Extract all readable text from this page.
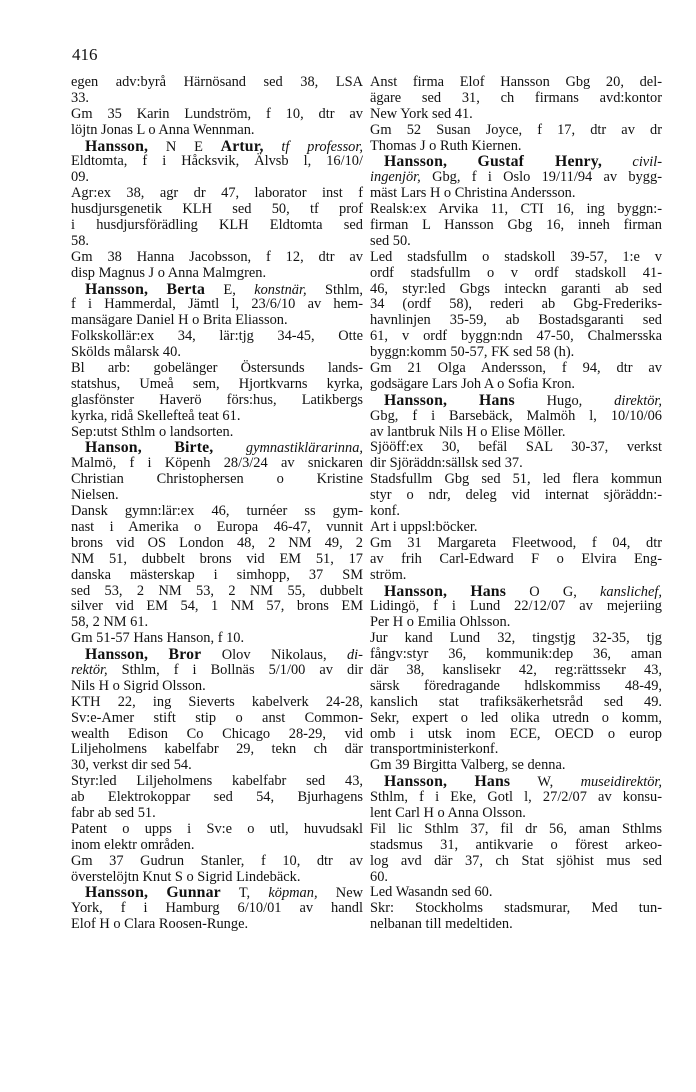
416
egen adv:byrå Härnösand sed 38, LSA
33.
Gm 35 Karin Lundström, f 10, dtr av
löjtn Jonas L o Anna Wennman.
Hansson, N E Artur, tf professor,
Eldtomta, f i Håcksvik, Älvsb l, 16/10/
09.
Agr:ex 38, agr dr 47, laborator inst f
husdjursgenetik KLH sed 50, tf prof
i husdjursförädling KLH Eldtomta sed
58.
Gm 38 Hanna Jacobsson, f 12, dtr av
disp Magnus J o Anna Malmgren.
Hansson, Berta E, konstnär, Sthlm,
f i Hammerdal, Jämtl l, 23/6/10 av hem-
mansägare Daniel H o Brita Eliasson.
Folkskollär:ex 34, lär:tjg 34-45, Otte
Skölds målarsk 40.
Bl arb: gobelänger Östersunds lands-
statshus, Umeå sem, Hjortkvarns kyrka,
glasfönster Haverö förs:hus, Latikbergs
kyrka, ridå Skellefteå teat 61.
Sep:utst Sthlm o landsorten.
Hanson, Birte, gymnastiklärarinna,
Malmö, f i Köpenh 28/3/24 av snickaren
Christian Christophersen o Kristine
Nielsen.
Dansk gymn:lär:ex 46, turnéer ss gym-
nast i Amerika o Europa 46-47, vunnit
brons vid OS London 48, 2 NM 49, 2
NM 51, dubbelt brons vid EM 51, 17
danska mästerskap i simhopp, 37 SM
sed 53, 2 NM 53, 2 NM 55, dubbelt
silver vid EM 54, 1 NM 57, brons EM
58, 2 NM 61.
Gm 51-57 Hans Hanson, f 10.
Hansson, Bror Olov Nikolaus, di-
rektör, Sthlm, f i Bollnäs 5/1/00 av dir
Nils H o Sigrid Olsson.
KTH 22, ing Sieverts kabelverk 24-28,
Sv:e-Amer stift stip o anst Common-
wealth Edison Co Chicago 28-29, vid
Liljeholmens kabelfabr 29, tekn ch där
30, verkst dir sed 54.
Styr:led Liljeholmens kabelfabr sed 43,
ab Elektrokoppar sed 54, Bjurhagens
fabr ab sed 51.
Patent o upps i Sv:e o utl, huvudsakl
inom elektr områden.
Gm 37 Gudrun Stanler, f 10, dtr av
överstelöjtn Knut S o Sigrid Lindebäck.
Hansson, Gunnar T, köpman, New
York, f i Hamburg 6/10/01 av handl
Elof H o Clara Roosen-Runge.
Anst firma Elof Hansson Gbg 20, del-
ägare sed 31, ch firmans avd:kontor
New York sed 41.
Gm 52 Susan Joyce, f 17, dtr av dr
Thomas J o Ruth Kiernen.
Hansson, Gustaf Henry, civil-
ingenjör, Gbg, f i Oslo 19/11/94 av bygg-
mäst Lars H o Christina Andersson.
Realsk:ex Arvika 11, CTI 16, ing byggn:-
firman L Hansson Gbg 16, inneh firman
sed 50.
Led stadsfullm o stadskoll 39-57, 1:e v
ordf stadsfullm o v ordf stadskoll 41-
46, styr:led Gbgs inteckn garanti ab sed
34 (ordf 58), rederi ab Gbg-Frederiks-
havnlinjen 35-59, ab Bostadsgaranti sed
61, v ordf byggn:ndn 47-50, Chalmersska
byggn:komm 50-57, FK sed 58 (h).
Gm 21 Olga Andersson, f 94, dtr av
godsägare Lars Joh A o Sofia Kron.
Hansson, Hans Hugo, direktör,
Gbg, f i Barsebäck, Malmöh l, 10/10/06
av lantbruk Nils H o Elise Möller.
Sjööff:ex 30, befäl SAL 30-37, verkst
dir Sjöräddn:sällsk sed 37.
Stadsfullm Gbg sed 51, led flera kommun
styr o ndr, deleg vid internat sjöräddn:-
konf.
Art i uppsl:böcker.
Gm 31 Margareta Fleetwood, f 04, dtr
av frih Carl-Edward F o Elvira Eng-
ström.
Hansson, Hans O G, kanslichef,
Lidingö, f i Lund 22/12/07 av mejeriing
Per H o Emilia Ohlsson.
Jur kand Lund 32, tingstjg 32-35, tjg
fångv:styr 36, kommunik:dep 36, aman
där 38, kanslisekr 42, reg:rättssekr 43,
särsk föredragande hdlskommiss 48-49,
kanslich stat trafiksäkerhetsråd sed 49.
Sekr, expert o led olika utredn o komm,
omb i utsk inom ECE, OECD o europ
transportministerkonf.
Gm 39 Birgitta Valberg, se denna.
Hansson, Hans W, museidirektör,
Sthlm, f i Eke, Gotl l, 27/2/07 av konsu-
lent Carl H o Anna Olsson.
Fil lic Sthlm 37, fil dr 56, aman Sthlms
stadsmus 31, antikvarie o förest arkeo-
log avd där 37, ch Stat sjöhist mus sed
60.
Led Wasandn sed 60.
Skr: Stockholms stadsmurar, Med tun-
nelbanan till medeltiden.
